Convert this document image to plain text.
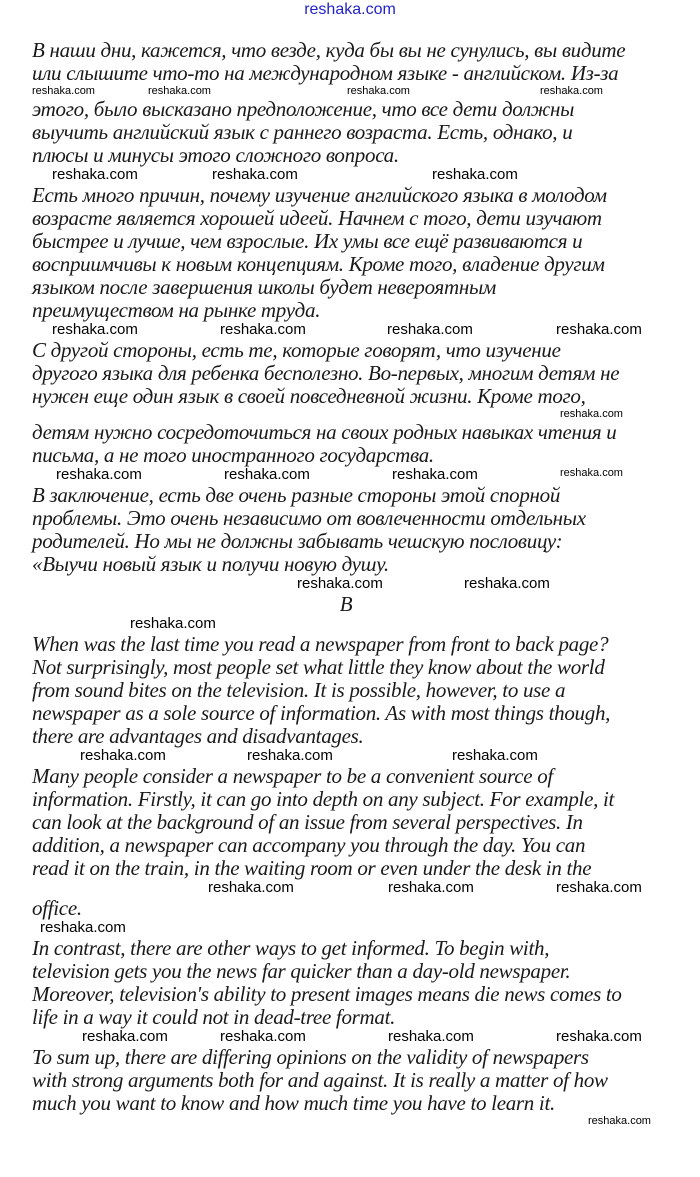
reshaka.com
В наши дни, кажется, что везде, куда бы вы не сунулись, вы видите
или слышите что-то на международном языке - английском. Из-за
reshaka.com	reshaka.com	reshaka.com	reshaka.com
этого, было высказано предположение, что все дети должны
выучить английский язык с раннего возраста. Есть, однако, и
плюсы и минусы этого сложного вопроса.
reshaka.com	reshaka.com	reshaka.com
Есть много причин, почему изучение английского языка в молодом
возрасте является хорошей идеей. Начнем с того, дети изучают
быстрее и лучше, чем взрослые. Их умы все ещё развиваются и
восприимчивы к новым концепциям. Кроме того, владение другим
языком после завершения школы будет невероятным
преимуществом на рынке труда.
reshaka.com	reshaka.com	reshaka.com	reshaka.com
С другой стороны, есть те, которые говорят, что изучение
другого языка для ребенка бесполезно. Во-первых, многим детям не
нужен еще один язык в своей повседневной жизни. Кроме того,
reshaka.com
детям нужно сосредоточиться на своих родных навыках чтения и
письма, а не того иностранного государства.
reshaka.com	reshaka.com	reshaka.com	reshaka.com
В заключение, есть две очень разные стороны этой спорной
проблемы. Это очень независимо от вовлеченности отдельных
родителей. Но мы не должны забывать чешскую пословицу:
«Выучи новый язык и получи новую душу.
reshaka.com	reshaka.com
B
reshaka.com
When was the last time you read a newspaper from front to back page?
Not surprisingly, most people set what little they know about the world
from sound bites on the television. It is possible, however, to use a
newspaper as a sole source of information. As with most things though,
there are advantages and disadvantages.
reshaka.com	reshaka.com	reshaka.com
Many people consider a newspaper to be a convenient source of
information. Firstly, it can go into depth on any subject. For example, it
can look at the background of an issue from several perspectives. In
addition, a newspaper can accompany you through the day. You can
read it on the train, in the waiting room or even under the desk in the
reshaka.com	reshaka.com	reshaka.com
office.
reshaka.com
In contrast, there are other ways to get informed. To begin with,
television gets you the news far quicker than a day-old newspaper.
Moreover, television's ability to present images means die news comes to
life in a way it could not in dead-tree format.
reshaka.com	reshaka.com	reshaka.com	reshaka.com
To sum up, there are differing opinions on the validity of newspapers
with strong arguments both for and against. It is really a matter of how
much you want to know and how much time you have to learn it.
reshaka.com
